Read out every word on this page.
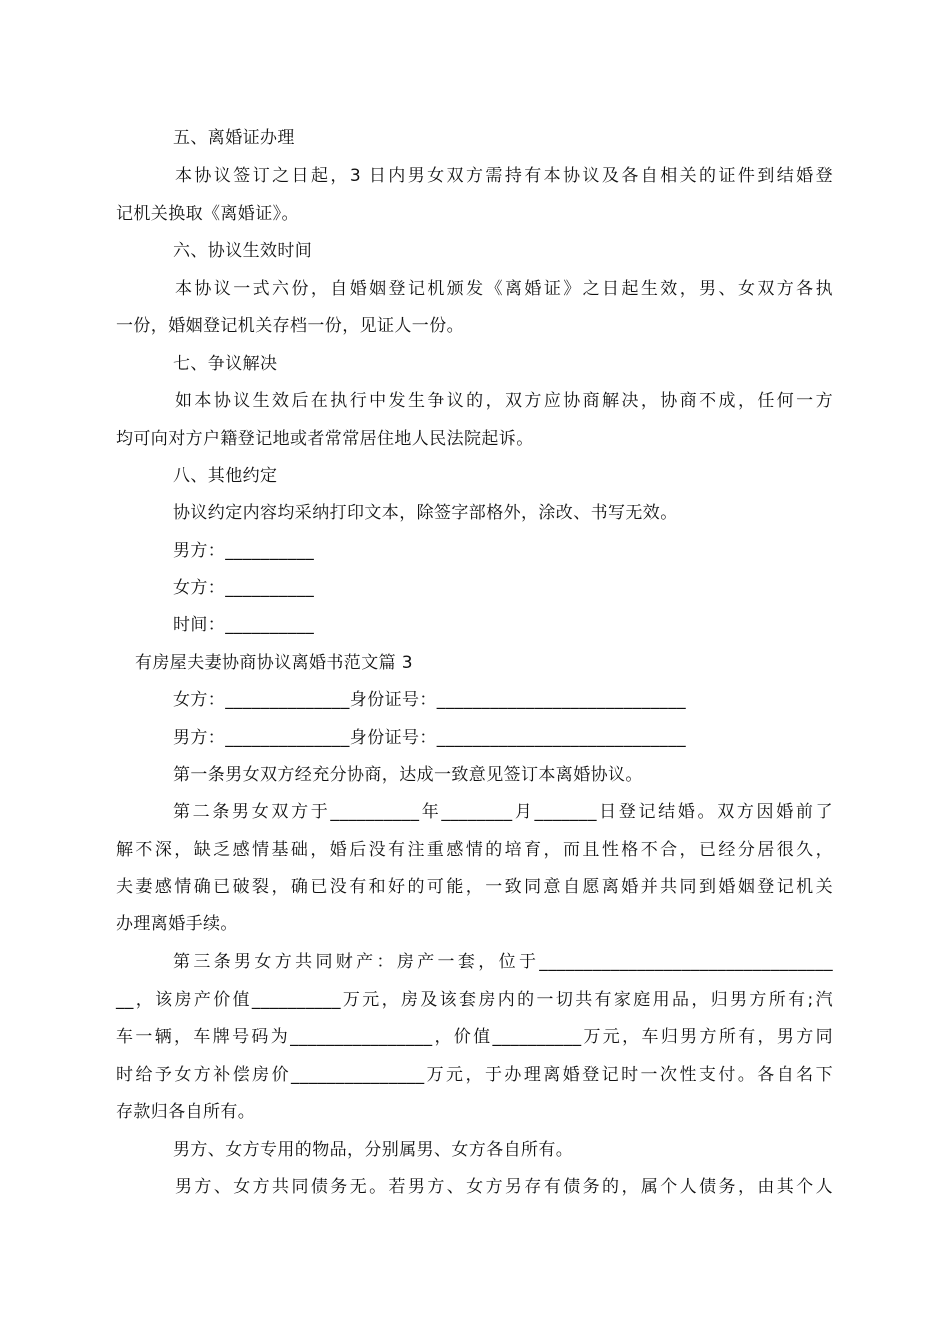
五、离婚证办理
本协议签订之日起，3 日内男女双方需持有本协议及各自相关的证件到结婚登
记机关换取《离婚证》。
六、协议生效时间
本协议一式六份，自婚姻登记机颁发《离婚证》之日起生效，男、女双方各执
一份，婚姻登记机关存档一份，见证人一份。
七、争议解决
如本协议生效后在执行中发生争议的，双方应协商解决，协商不成，任何一方
均可向对方户籍登记地或者常常居住地人民法院起诉。
八、其他约定
协议约定内容均采纳打印文本，除签字部格外，涂改、书写无效。
男方：__________
女方：__________
时间：__________
有房屋夫妻协商协议离婚书范文篇 3
女方：______________身份证号：____________________________
男方：______________身份证号：____________________________
第一条男女双方经充分协商，达成一致意见签订本离婚协议。
第二条男女双方于__________年________月_______日登记结婚。双方因婚前了
解不深，缺乏感情基础，婚后没有注重感情的培育，而且性格不合，已经分居很久，
夫妻感情确已破裂，确已没有和好的可能，一致同意自愿离婚并共同到婚姻登记机关
办理离婚手续。
第三条男女方共同财产：房产一套，位于_________________________________
__，该房产价值__________万元，房及该套房内的一切共有家庭用品，归男方所有;汽
车一辆，车牌号码为________________，价值__________万元，车归男方所有，男方同
时给予女方补偿房价_______________万元，于办理离婚登记时一次性支付。各自名下
存款归各自所有。
男方、女方专用的物品，分别属男、女方各自所有。
男方、女方共同债务无。若男方、女方另存有债务的，属个人债务，由其个人
